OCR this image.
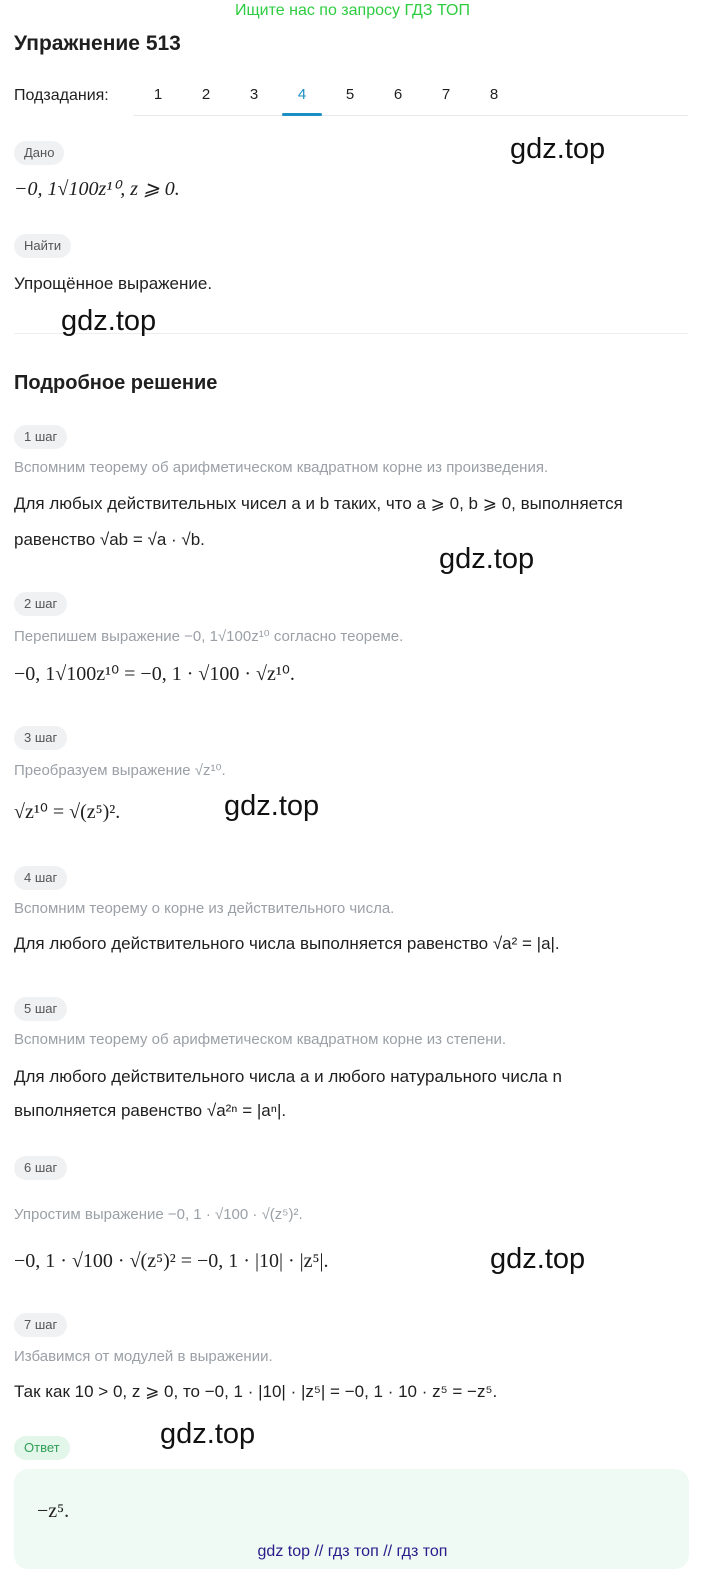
Ищите нас по запросу ГДЗ ТОП
Упражнение 513
Подзадания:	1	2	3	4	5	6	7	8
Дано
−0, 1√100z¹⁰, z ⩾ 0.
Найти
Упрощённое выражение.
Подробное решение
1 шаг
Вспомним теорему об арифметическом квадратном корне из произведения.
Для любых действительных чисел a и b таких, что a ⩾ 0, b ⩾ 0, выполняется
равенство √ab = √a · √b.
2 шаг
Перепишем выражение −0, 1√100z¹⁰ согласно теореме.
−0, 1√100z¹⁰ = −0, 1 · √100 · √z¹⁰.
3 шаг
Преобразуем выражение √z¹⁰.
√z¹⁰ = √(z⁵)².
4 шаг
Вспомним теорему о корне из действительного числа.
Для любого действительного числа выполняется равенство √a² = |a|.
5 шаг
Вспомним теорему об арифметическом квадратном корне из степени.
Для любого действительного числа a и любого натурального числа n
выполняется равенство √a²ⁿ = |aⁿ|.
6 шаг
Упростим выражение −0, 1 · √100 · √(z⁵)².
−0, 1 · √100 · √(z⁵)² = −0, 1 · |10| · |z⁵|.
7 шаг
Избавимся от модулей в выражении.
Так как 10 > 0, z ⩾ 0, то −0, 1 · |10| · |z⁵| = −0, 1 · 10 · z⁵ = −z⁵.
Ответ
−z⁵.
gdz.top
gdz.top
gdz.top
gdz.top
gdz.top
gdz.top
gdz top // гдз топ // гдз топ
